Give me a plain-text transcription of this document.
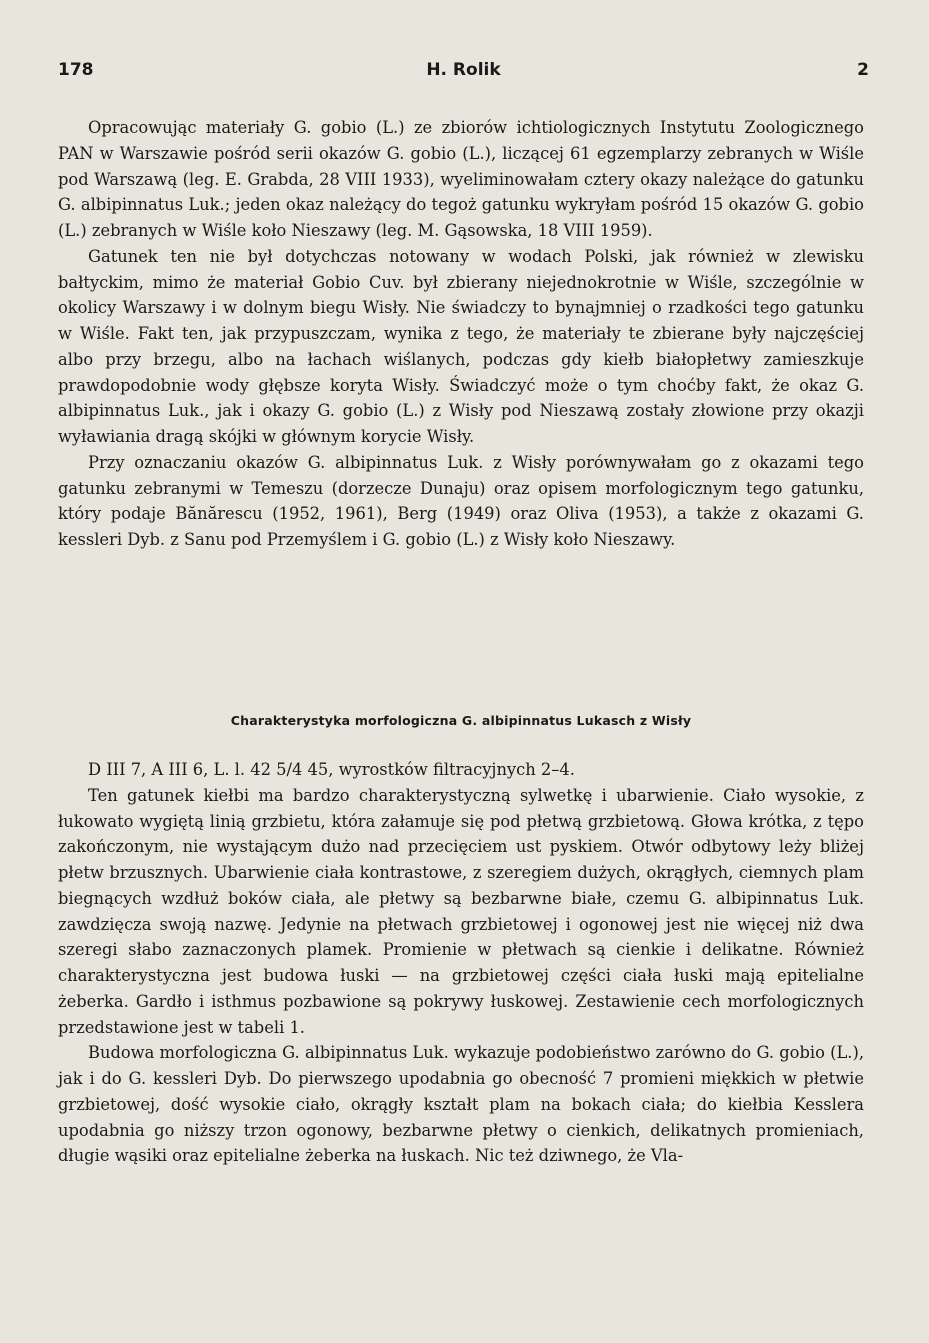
178	H. Rolik	2

Opracowując materiały G. gobio (L.) ze zbiorów ichtiologicznych Instytutu Zoologicznego PAN w Warszawie pośród serii okazów G. gobio (L.), liczącej 61 egzemplarzy zebranych w Wiśle pod Warszawą (leg. E. Grabda, 28 VIII 1933), wyeliminowałam cztery okazy należące do gatunku G. albipinnatus Luk.; jeden okaz należący do tegoż gatunku wykryłam pośród 15 okazów G. gobio (L.) zebranych w Wiśle koło Nieszawy (leg. M. Gąsowska, 18 VIII 1959).

Gatunek ten nie był dotychczas notowany w wodach Polski, jak również w zlewisku bałtyckim, mimo że materiał Gobio Cuv. był zbierany niejednokrotnie w Wiśle, szczególnie w okolicy Warszawy i w dolnym biegu Wisły. Nie świadczy to bynajmniej o rzadkości tego gatunku w Wiśle. Fakt ten, jak przypuszczam, wynika z tego, że materiały te zbierane były najczęściej albo przy brzegu, albo na łachach wiślanych, podczas gdy kiełb białopłetwy zamieszkuje prawdopodobnie wody głębsze koryta Wisły. Świadczyć może o tym choćby fakt, że okaz G. albipinnatus Luk., jak i okazy G. gobio (L.) z Wisły pod Nieszawą zostały złowione przy okazji wyławiania dragą skójki w głównym korycie Wisły.

Przy oznaczaniu okazów G. albipinnatus Luk. z Wisły porównywałam go z okazami tego gatunku zebranymi w Temeszu (dorzecze Dunaju) oraz opisem morfologicznym tego gatunku, który podaje Bănărescu (1952, 1961), Berg (1949) oraz Oliva (1953), a także z okazami G. kessleri Dyb. z Sanu pod Przemyślem i G. gobio (L.) z Wisły koło Nieszawy.

Charakterystyka morfologiczna G. albipinnatus Lukasch z Wisły

D III 7, A III 6, L. l. 42 5/4 45, wyrostków filtracyjnych 2–4.

Ten gatunek kiełbi ma bardzo charakterystyczną sylwetkę i ubarwienie. Ciało wysokie, z łukowato wygiętą linią grzbietu, która załamuje się pod płetwą grzbietową. Głowa krótka, z tępo zakończonym, nie wystającym dużo nad przecięciem ust pyskiem. Otwór odbytowy leży bliżej płetw brzusznych. Ubarwienie ciała kontrastowe, z szeregiem dużych, okrągłych, ciemnych plam biegnących wzdłuż boków ciała, ale płetwy są bezbarwne białe, czemu G. albipinnatus Luk. zawdzięcza swoją nazwę. Jedynie na płetwach grzbietowej i ogonowej jest nie więcej niż dwa szeregi słabo zaznaczonych plamek. Promienie w płetwach są cienkie i delikatne. Również charakterystyczna jest budowa łuski — na grzbietowej części ciała łuski mają epitelialne żeberka. Gardło i isthmus pozbawione są pokrywy łuskowej. Zestawienie cech morfologicznych przedstawione jest w tabeli 1.

Budowa morfologiczna G. albipinnatus Luk. wykazuje podobieństwo zarówno do G. gobio (L.), jak i do G. kessleri Dyb. Do pierwszego upodabnia go obecność 7 promieni miękkich w płetwie grzbietowej, dość wysokie ciało, okrągły kształt plam na bokach ciała; do kiełbia Kesslera upodabnia go niższy trzon ogonowy, bezbarwne płetwy o cienkich, delikatnych promieniach, długie wąsiki oraz epitelialne żeberka na łuskach. Nic też dziwnego, że Vla-
